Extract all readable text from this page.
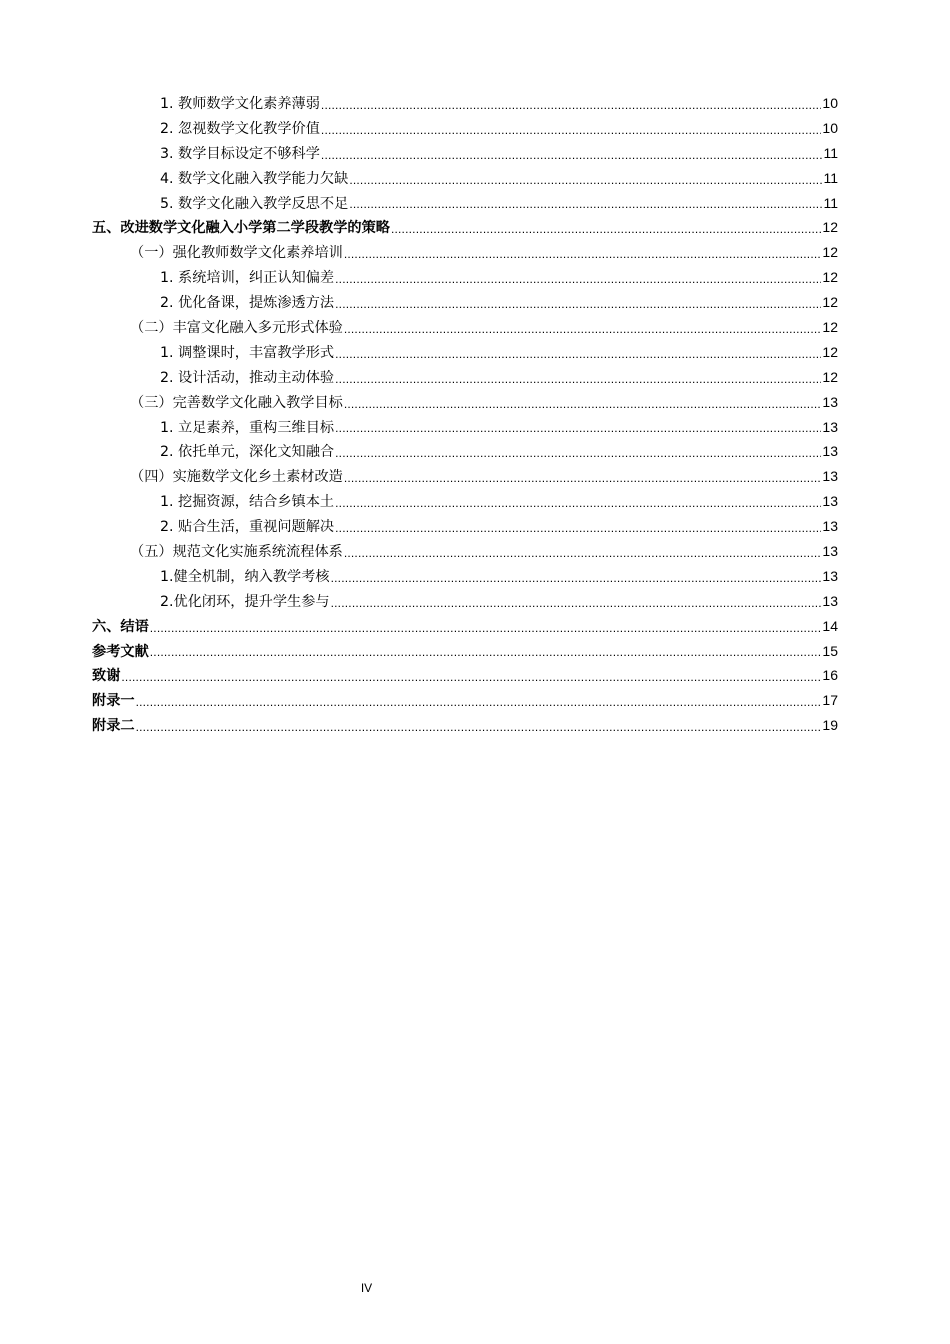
1. 教师数学文化素养薄弱 .....	10
2. 忽视数学文化教学价值 .....	10
3. 数学目标设定不够科学 .....	11
4. 数学文化融入教学能力欠缺 .....	11
5. 数学文化融入教学反思不足 .....	11
五、改进数学文化融入小学第二学段教学的策略 .....	12
（一）强化教师数学文化素养培训 .....	12
1. 系统培训，纠正认知偏差 .....	12
2. 优化备课，提炼渗透方法 .....	12
（二）丰富文化融入多元形式体验 .....	12
1. 调整课时，丰富教学形式 .....	12
2. 设计活动，推动主动体验 .....	12
（三）完善数学文化融入教学目标 .....	13
1. 立足素养，重构三维目标 .....	13
2. 依托单元，深化文知融合 .....	13
（四）实施数学文化乡土素材改造 .....	13
1. 挖掘资源，结合乡镇本土 .....	13
2. 贴合生活，重视问题解决 .....	13
（五）规范文化实施系统流程体系 .....	13
1.健全机制，纳入教学考核 .....	13
2.优化闭环，提升学生参与 .....	13
六、结语 .....	14
参考文献 .....	15
致谢 .....	16
附录一 .....	17
附录二 .....	19
IV
